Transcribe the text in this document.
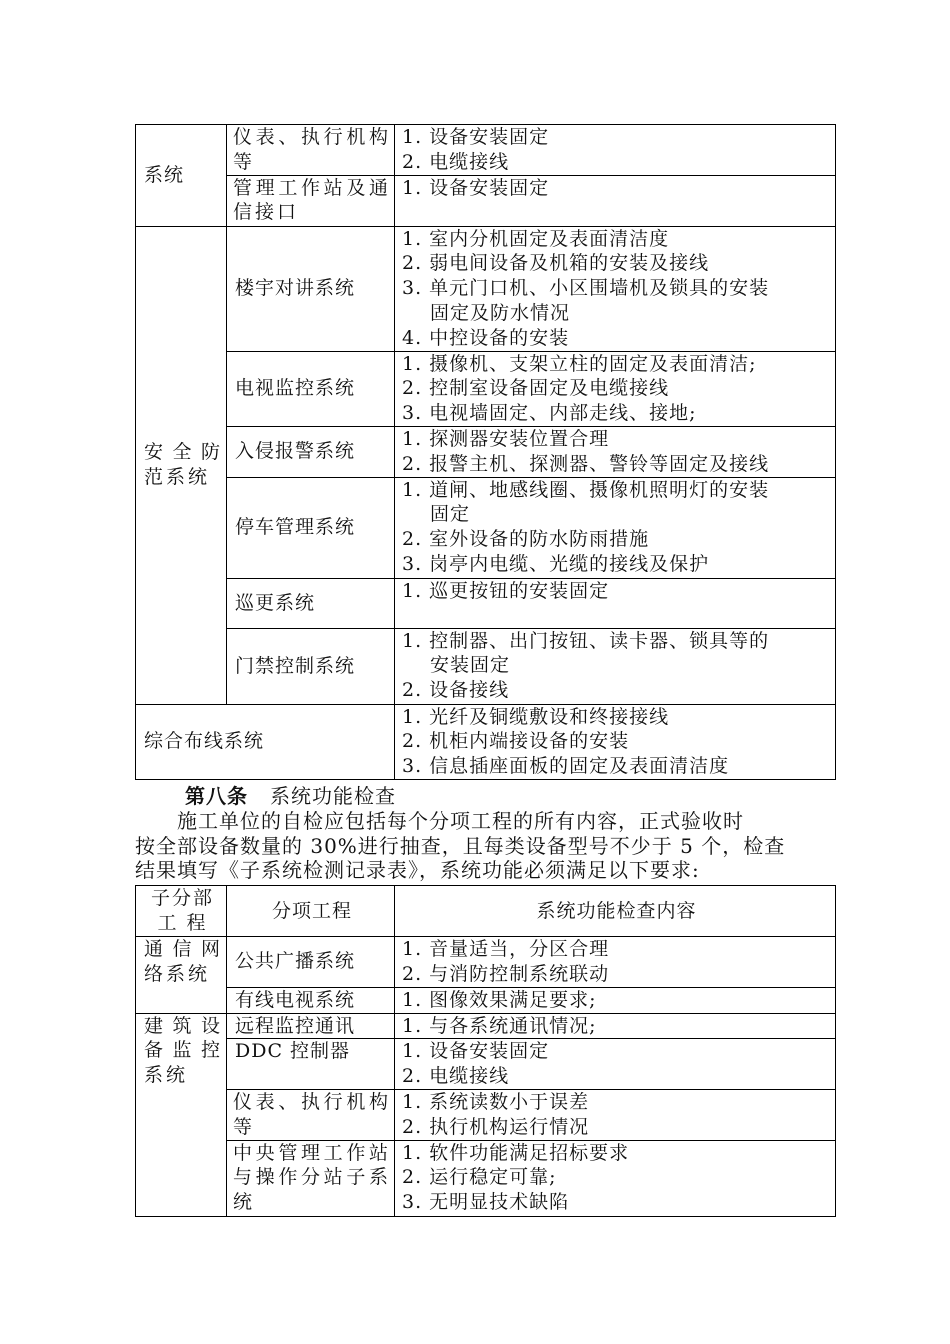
系统	仪表、执行机构等	1. 设备安装固定
2. 电缆接线

	管理工作站及通信接口	1. 设备安装固定

安全防范系统	楼宇对讲系统	1. 室内分机固定及表面清洁度
2. 弱电间设备及机箱的安装及接线
3. 单元门口机、小区围墙机及锁具的安装
固定及防水情况
4. 中控设备的安装

	电视监控系统	1. 摄像机、支架立柱的固定及表面清洁;
2. 控制室设备固定及电缆接线
3. 电视墙固定、内部走线、接地;

	入侵报警系统	1. 探测器安装位置合理
2. 报警主机、探测器、警铃等固定及接线

	停车管理系统	1. 道闸、地感线圈、摄像机照明灯的安装
固定
2. 室外设备的防水防雨措施
3. 岗亭内电缆、光缆的接线及保护

	巡更系统	1. 巡更按钮的安装固定

	门禁控制系统	1. 控制器、出门按钮、读卡器、锁具等的
安装固定
2. 设备接线

综合布线系统		1. 光纤及铜缆敷设和终接接线
2. 机柜内端接设备的安装
3. 信息插座面板的固定及表面清洁度

第八条 系统功能检查

施工单位的自检应包括每个分项工程的所有内容，正式验收时

按全部设备数量的 30%进行抽查，且每类设备型号不少于 5 个，检查

结果填写《子系统检测记录表》，系统功能必须满足以下要求:

子分部工 程	分项工程	系统功能检查内容
通信网络系统	公共广播系统	1. 音量适当，分区合理
2. 与消防控制系统联动

	有线电视系统	1. 图像效果满足要求;

建筑设备监控系统	远程监控通讯	1. 与各系统通讯情况;

	DDC 控制器	1. 设备安装固定
2. 电缆接线

	仪表、执行机构等	1. 系统读数小于误差
2. 执行机构运行情况

	中央管理工作站与操作分站子系统	1. 软件功能满足招标要求
2. 运行稳定可靠;
3. 无明显技术缺陷
